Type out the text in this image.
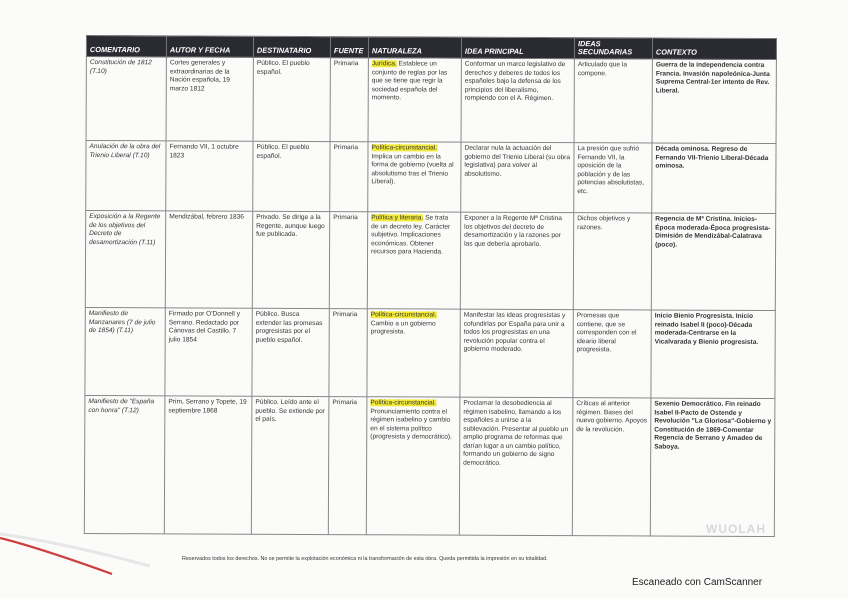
COMENTARIO	AUTOR Y FECHA	DESTINATARIO	FUENTE	NATURALEZA	IDEA PRINCIPAL	IDEAS SECUNDARIAS	CONTEXTO
Constitución de 1812 (T.10)	Cortes generales y extraordinarias de la Nación española, 19 marzo 1812	Público. El pueblo español.	Primaria	Jurídica. Establece un conjunto de reglas por las que se tiene que regir la sociedad española del momento.	Conformar un marco legislativo de derechos y deberes de todos los españoles bajo la defensa de los principios del liberalismo, rompiendo con el A. Régimen.	Articulado que la compone.	Guerra de la independencia contra Francia. Invasión napoleónica-Junta Suprema Central-1er intento de Rev. Liberal.
Anulación de la obra del Trienio Liberal (T.10)	Fernando VII, 1 octubre 1823	Público. El pueblo español.	Primaria	Política-circunstancial. Implica un cambio en la forma de gobierno (vuelta al absolutismo tras el Trienio Liberal).	Declarar nula la actuación del gobierno del Trienio Liberal (su obra legislativa) para volver al absolutismo.	La presión que sufrió Fernando VII, la oposición de la población y de las potencias absolutistas, etc.	Década ominosa. Regreso de Fernando VII-Trienio Liberal-Década ominosa.
Exposición a la Regente de los objetivos del Decreto de desamortización (T.11)	Mendizábal, febrero 1836	Privado. Se dirige a la Regente, aunque luego fue publicada.	Primaria	Política y literaria. Se trata de un decreto ley. Carácter subjetivo. Implicaciones económicas. Obtener recursos para Hacienda.	Exponer a la Regente Mª Cristina los objetivos del decreto de desamortización y la razones por las que debería aprobarlo.	Dichos objetivos y razones.	Regencia de Mª Cristina. Inicios-Época moderada-Época progresista-Dimisión de Mendizábal-Calatrava (poco).
Manifiesto de Manzanares (7 de julio de 1854) (T.11)	Firmado por O'Donnell y Serrano. Redactado por Cánovas del Castillo. 7 julio 1854	Público. Busca extender las promesas progresistas por el pueblo español.	Primaria	Política-circunstancial. Cambio a un gobierno progresista.	Manifestar las ideas progresistas y cofundirlas por España para unir a todos los progresistas en una revolución popular contra el gobierno moderado.	Promesas que contiene, que se corresponden con el ideario liberal progresista.	Inicio Bienio Progresista. Inicio reinado Isabel II (poco)-Década moderada-Centrarse en la Vicalvarada y Bienio progresista.
Manifiesto de "España con honra" (T.12)	Prim, Serrano y Topete, 19 septiembre 1868	Público. Leído ante el pueblo. Se extiende por el país.	Primaria	Política-circunstancial. Pronunciamiento contra el régimen isabelino y cambio en el sistema político (progresista y democrático).	Proclamar la desobediencia al régimen isabelino, llamando a los españoles a unirse a la sublevación. Presentar al pueblo un amplio programa de reformas que darían lugar a un cambio político, formando un gobierno de signo democrático.	Críticas al anterior régimen. Bases del nuevo gobierno. Apoyos de la revolución.	Sexenio Democrático. Fin reinado Isabel II-Pacto de Ostende y Revolución "La Gloriosa"-Gobierno y Constitución de 1869-Comentar Regencia de Serrano y Amadeo de Saboya.
WUOLAH
Reservados todos los derechos. No se permite la explotación económica ni la transformación de esta obra. Queda permitida la impresión en su totalidad.
Escaneado con CamScanner
